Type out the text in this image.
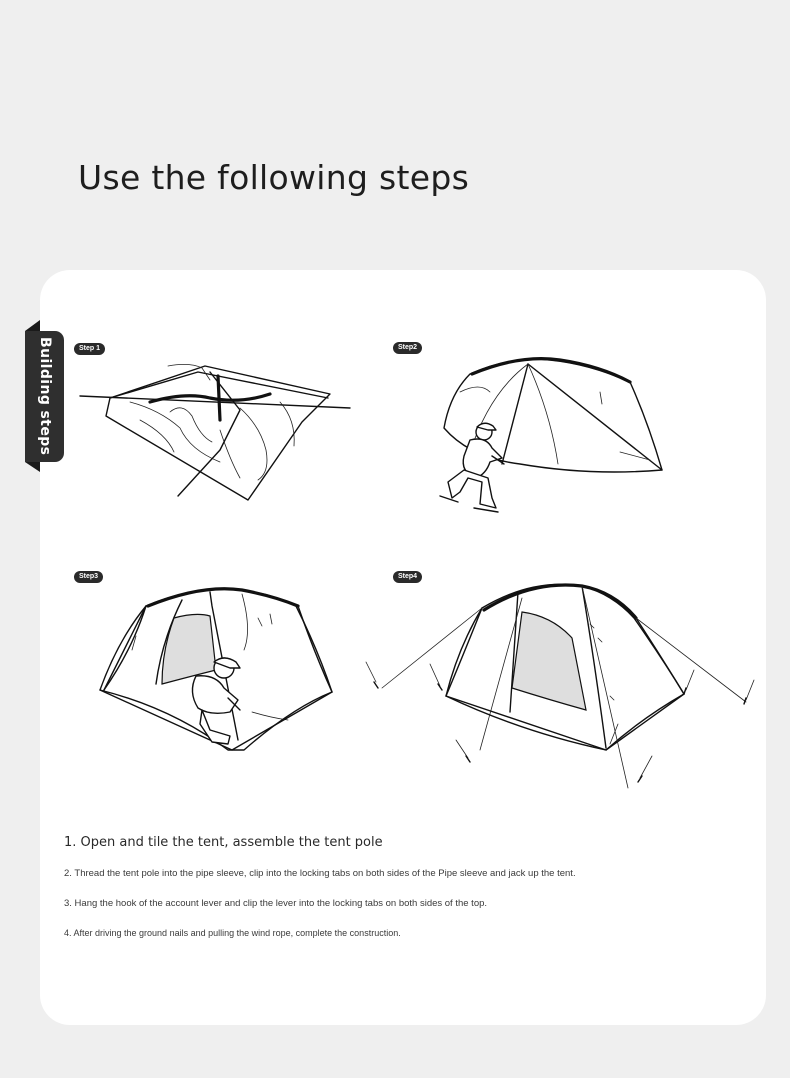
Use the following steps
Building steps	Step 1	Step2
Step3	Step4
1. Open and tile the tent, assemble the tent pole
2. Thread the tent pole into the pipe sleeve, clip into the locking tabs on both sides of the Pipe sleeve and jack up the tent.
3. Hang the hook of the account lever and clip the lever into the locking tabs on both sides of the top.
4. After driving the ground nails and pulling the wind rope, complete the construction.
